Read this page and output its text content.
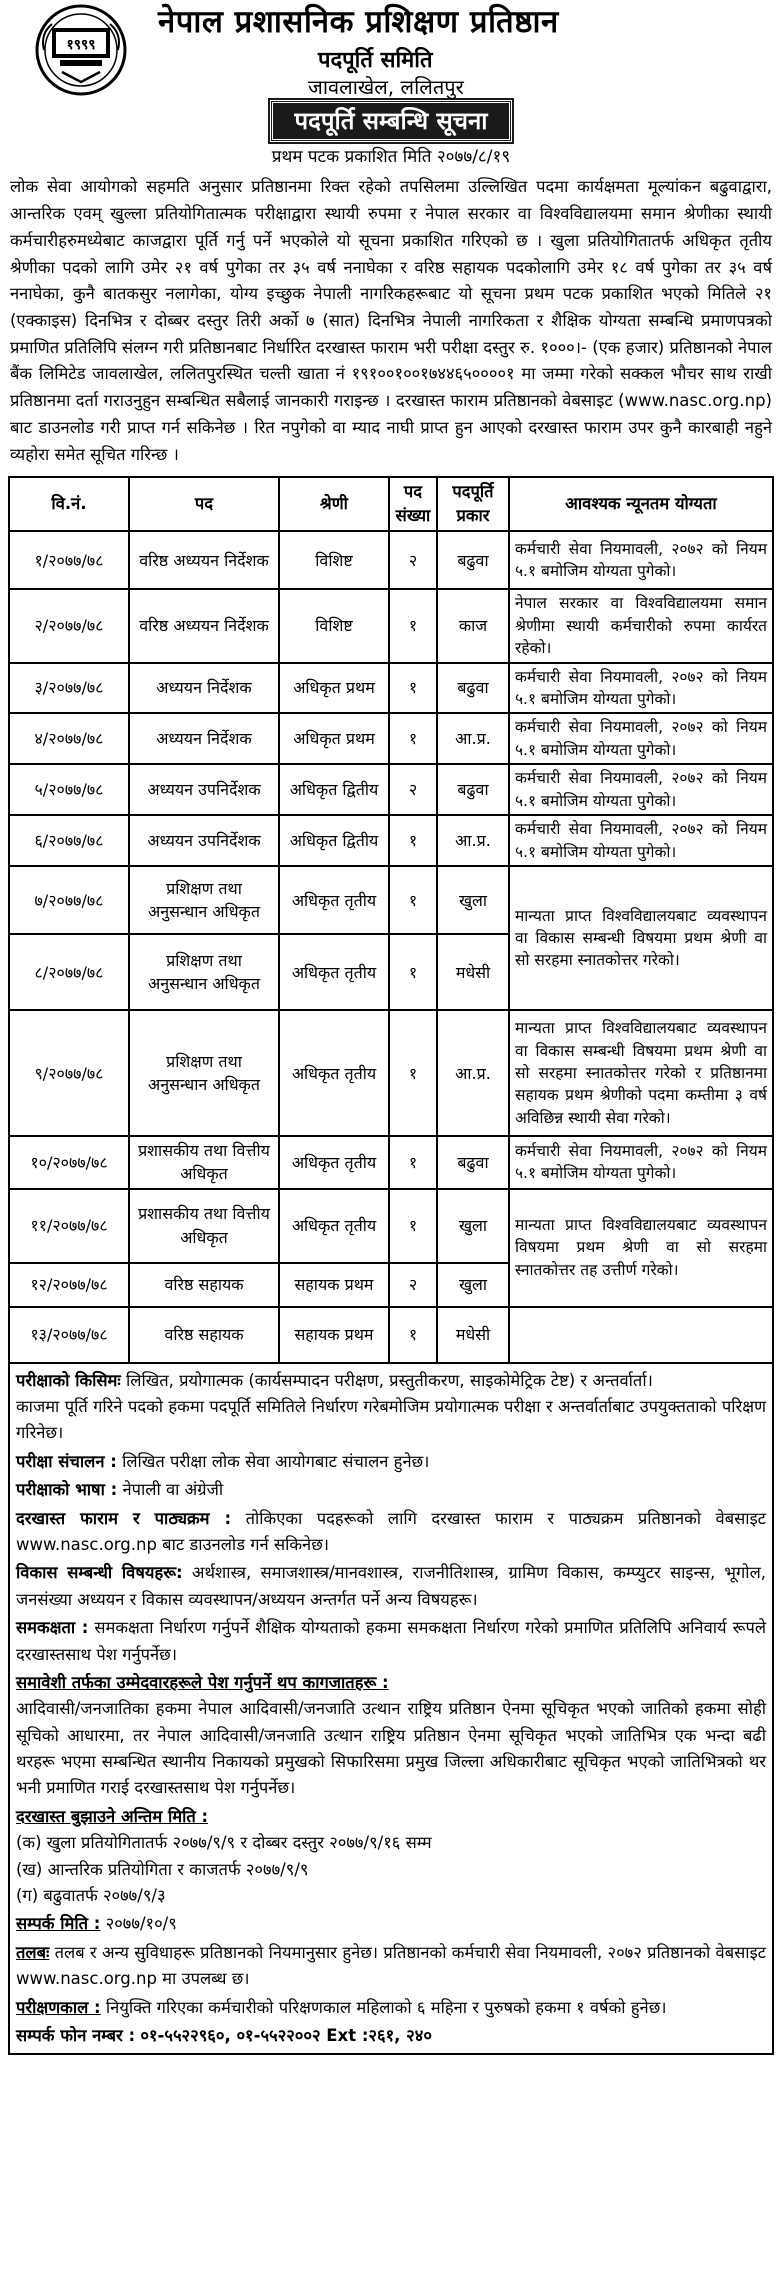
१९९९
नेपाल प्रशासनिक प्रशिक्षण प्रतिष्ठान
पदपूर्ति समिति
जावलाखेल, ललितपुर
पदपूर्ति सम्बन्धि सूचना
प्रथम पटक प्रकाशित मिति २०७७/८/१९

लोक सेवा आयोगको सहमति अनुसार प्रतिष्ठानमा रिक्त रहेको तपसिलमा उल्लिखित पदमा कार्यक्षमता मूल्यांकन बढुवाद्वारा, आन्तरिक एवम् खुल्ला प्रतियोगितात्मक परीक्षाद्वारा स्थायी रुपमा र नेपाल सरकार वा विश्वविद्यालयमा समान श्रेणीका स्थायी कर्मचारीहरुमध्येबाट काजद्वारा पूर्ति गर्नु पर्ने भएकोले यो सूचना प्रकाशित गरिएको छ । खुला प्रतियोगितातर्फ अधिकृत तृतीय श्रेणीका पदको लागि उमेर २१ वर्ष पुगेका तर ३५ वर्ष ननाघेका र वरिष्ठ सहायक पदकोलागि उमेर १८ वर्ष पुगेका तर ३५ वर्ष ननाघेका, कुनै बातकसुर नलागेका, योग्य इच्छुक नेपाली नागरिकहरूबाट यो सूचना प्रथम पटक प्रकाशित भएको मितिले २१ (एक्काइस) दिनभित्र र दोब्बर दस्तुर तिरी अर्को ७ (सात) दिनभित्र नेपाली नागरिकता र शैक्षिक योग्यता सम्बन्धि प्रमाणपत्रको प्रमाणित प्रतिलिपि संलग्न गरी प्रतिष्ठानबाट निर्धारित दरखास्त फाराम भरी परीक्षा दस्तुर रु. १०००।- (एक हजार) प्रतिष्ठानको नेपाल बैंक लिमिटेड जावलाखेल, ललितपुरस्थित चल्ती खाता नं १९१००१००१७४४६५००००१ मा जम्मा गरेको सक्कल भौचर साथ राखी प्रतिष्ठानमा दर्ता गराउनुहुन सम्बन्धित सबैलाई जानकारी गराइन्छ । दरखास्त फाराम प्रतिष्ठानको वेबसाइट (www.nasc.org.np) बाट डाउनलोड गरी प्राप्त गर्न सकिनेछ । रित नपुगेको वा म्याद नाघी प्राप्त हुन आएको दरखास्त फाराम उपर कुनै कारबाही नहुने व्यहोरा समेत सूचित गरिन्छ ।

वि.नं.	पद	श्रेणी	पद संख्या	पदपूर्ति प्रकार	आवश्यक न्यूनतम योग्यता
१/२०७७/७८	वरिष्ठ अध्ययन निर्देशक	विशिष्ट	२	बढुवा	कर्मचारी सेवा नियमावली, २०७२ को नियम ५.१ बमोजिम योग्यता पुगेको।
२/२०७७/७८	वरिष्ठ अध्ययन निर्देशक	विशिष्ट	१	काज	नेपाल सरकार वा विश्वविद्यालयमा समान श्रेणीमा स्थायी कर्मचारीको रुपमा कार्यरत रहेको।
३/२०७७/७८	अध्ययन निर्देशक	अधिकृत प्रथम	१	बढुवा	कर्मचारी सेवा नियमावली, २०७२ को नियम ५.१ बमोजिम योग्यता पुगेको।
४/२०७७/७८	अध्ययन निर्देशक	अधिकृत प्रथम	१	आ.प्र.	कर्मचारी सेवा नियमावली, २०७२ को नियम ५.१ बमोजिम योग्यता पुगेको।
५/२०७७/७८	अध्ययन उपनिर्देशक	अधिकृत द्वितीय	२	बढुवा	कर्मचारी सेवा नियमावली, २०७२ को नियम ५.१ बमोजिम योग्यता पुगेको।
६/२०७७/७८	अध्ययन उपनिर्देशक	अधिकृत द्वितीय	१	आ.प्र.	कर्मचारी सेवा नियमावली, २०७२ को नियम ५.१ बमोजिम योग्यता पुगेको।
७/२०७७/७८	प्रशिक्षण तथा अनुसन्धान अधिकृत	अधिकृत तृतीय	१	खुला	मान्यता प्राप्त विश्वविद्यालयबाट व्यवस्थापन वा विकास सम्बन्धी विषयमा प्रथम श्रेणी वा सो सरहमा स्नातकोत्तर गरेको।
८/२०७७/७८	प्रशिक्षण तथा अनुसन्धान अधिकृत	अधिकृत तृतीय	१	मधेसी	
९/२०७७/७८	प्रशिक्षण तथा अनुसन्धान अधिकृत	अधिकृत तृतीय	१	आ.प्र.	मान्यता प्राप्त विश्वविद्यालयबाट व्यवस्थापन वा विकास सम्बन्धी विषयमा प्रथम श्रेणी वा सो सरहमा स्नातकोत्तर गरेको र प्रतिष्ठानमा सहायक प्रथम श्रेणीको पदमा कम्तीमा ३ वर्ष अविछिन्न स्थायी सेवा गरेको।
१०/२०७७/७८	प्रशासकीय तथा वित्तीय अधिकृत	अधिकृत तृतीय	१	बढुवा	कर्मचारी सेवा नियमावली, २०७२ को नियम ५.१ बमोजिम योग्यता पुगेको।
११/२०७७/७८	प्रशासकीय तथा वित्तीय अधिकृत	अधिकृत तृतीय	१	खुला	मान्यता प्राप्त विश्वविद्यालयबाट व्यवस्थापन विषयमा प्रथम श्रेणी वा सो सरहमा स्नातकोत्तर तह उत्तीर्ण गरेको।
१२/२०७७/७८	वरिष्ठ सहायक	सहायक प्रथम	२	खुला	
१३/२०७७/७८	वरिष्ठ सहायक	सहायक प्रथम	१	मधेसी	

परीक्षाको किसिमः लिखित, प्रयोगात्मक (कार्यसम्पादन परीक्षण, प्रस्तुतीकरण, साइकोमेट्रिक टेष्ट) र अन्तर्वार्ता।
काजमा पूर्ति गरिने पदको हकमा पदपूर्ति समितिले निर्धारण गरेबमोजिम प्रयोगात्मक परीक्षा र अन्तर्वार्ताबाट उपयुक्तताको परिक्षण गरिनेछ।

परीक्षा संचालन : लिखित परीक्षा लोक सेवा आयोगबाट संचालन हुनेछ।

परीक्षाको भाषा : नेपाली वा अंग्रेजी

दरखास्त फाराम र पाठ्यक्रम : तोकिएका पदहरूको लागि दरखास्त फाराम र पाठ्यक्रम प्रतिष्ठानको वेबसाइट www.nasc.org.np बाट डाउनलोड गर्न सकिनेछ।

विकास सम्बन्धी विषयहरू: अर्थशास्त्र, समाजशास्त्र/मानवशास्त्र, राजनीतिशास्त्र, ग्रामिण विकास, कम्प्युटर साइन्स, भूगोल, जनसंख्या अध्ययन र विकास व्यवस्थापन/अध्ययन अन्तर्गत पर्ने अन्य विषयहरू।

समकक्षता : समकक्षता निर्धारण गर्नुपर्ने शैक्षिक योग्यताको हकमा समकक्षता निर्धारण गरेको प्रमाणित प्रतिलिपि अनिवार्य रूपले दरखास्तसाथ पेश गर्नुपर्नेछ।

समावेशी तर्फका उम्मेदवारहरूले पेश गर्नुपर्ने थप कागजातहरू :
आदिवासी/जनजातिका हकमा नेपाल आदिवासी/जनजाति उत्थान राष्ट्रिय प्रतिष्ठान ऐनमा सूचिकृत भएको जातिको हकमा सोही सूचिको आधारमा, तर नेपाल आदिवासी/जनजाति उत्थान राष्ट्रिय प्रतिष्ठान ऐनमा सूचिकृत भएको जातिभित्र एक भन्दा बढी थरहरू भएमा सम्बन्धित स्थानीय निकायको प्रमुखको सिफारिसमा प्रमुख जिल्ला अधिकारीबाट सूचिकृत भएको जातिभित्रको थर भनी प्रमाणित गराई दरखास्तसाथ पेश गर्नुपर्नेछ।

दरखास्त बुझाउने अन्तिम मिति :
(क) खुला प्रतियोगितातर्फ २०७७/९/९ र दोब्बर दस्तुर २०७७/९/१६ सम्म
(ख) आन्तरिक प्रतियोगिता र काजतर्फ २०७७/९/९
(ग) बढुवातर्फ २०७७/९/३

सम्पर्क मिति : २०७७/१०/९

तलबः तलब र अन्य सुविधाहरू प्रतिष्ठानको नियमानुसार हुनेछ। प्रतिष्ठानको कर्मचारी सेवा नियमावली, २०७२ प्रतिष्ठानको वेबसाइट www.nasc.org.np मा उपलब्ध छ।

परीक्षणकाल : नियुक्ति गरिएका कर्मचारीको परिक्षणकाल महिलाको ६ महिना र पुरुषको हकमा १ वर्षको हुनेछ।

सम्पर्क फोन नम्बर : ०१-५५२२९६०, ०१-५५२२००२ Ext :२६१, २४०
